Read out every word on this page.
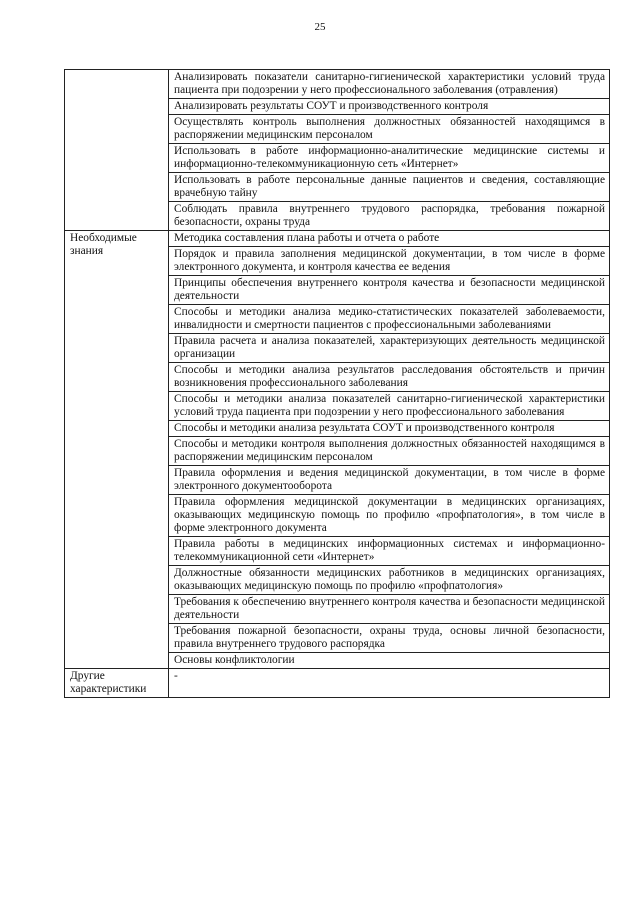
25
	Анализировать показатели санитарно-гигиенической характеристики условий труда пациента при подозрении у него профессионального заболевания (отравления)
	Анализировать результаты СОУТ и производственного контроля
	Осуществлять контроль выполнения должностных обязанностей находящимся в распоряжении медицинским персоналом
	Использовать в работе информационно-аналитические медицинские системы и информационно-телекоммуникационную сеть «Интернет»
	Использовать в работе персональные данные пациентов и сведения, составляющие врачебную тайну
	Соблюдать правила внутреннего трудового распорядка, требования пожарной безопасности, охраны труда
Необходимые знания	Методика составления плана работы и отчета о работе
	Порядок и правила заполнения медицинской документации, в том числе в форме электронного документа, и контроля качества ее ведения
	Принципы обеспечения внутреннего контроля качества и безопасности медицинской деятельности
	Способы и методики анализа медико-статистических показателей заболеваемости, инвалидности и смертности пациентов с профессиональными заболеваниями
	Правила расчета и анализа показателей, характеризующих деятельность медицинской организации
	Способы и методики анализа результатов расследования обстоятельств и причин возникновения профессионального заболевания
	Способы и методики анализа показателей санитарно-гигиенической характеристики условий труда пациента при подозрении у него профессионального заболевания
	Способы и методики анализа результата СОУТ и производственного контроля
	Способы и методики контроля выполнения должностных обязанностей находящимся в распоряжении медицинским персоналом
	Правила оформления и ведения медицинской документации, в том числе в форме электронного документооборота
	Правила оформления медицинской документации в медицинских организациях, оказывающих медицинскую помощь по профилю «профпатология», в том числе в форме электронного документа
	Правила работы в медицинских информационных системах и информационно-телекоммуникационной сети «Интернет»
	Должностные обязанности медицинских работников в медицинских организациях, оказывающих медицинскую помощь по профилю «профпатология»
	Требования к обеспечению внутреннего контроля качества и безопасности медицинской деятельности
	Требования пожарной безопасности, охраны труда, основы личной безопасности, правила внутреннего трудового распорядка
	Основы конфликтологии
Другие характеристики	-
